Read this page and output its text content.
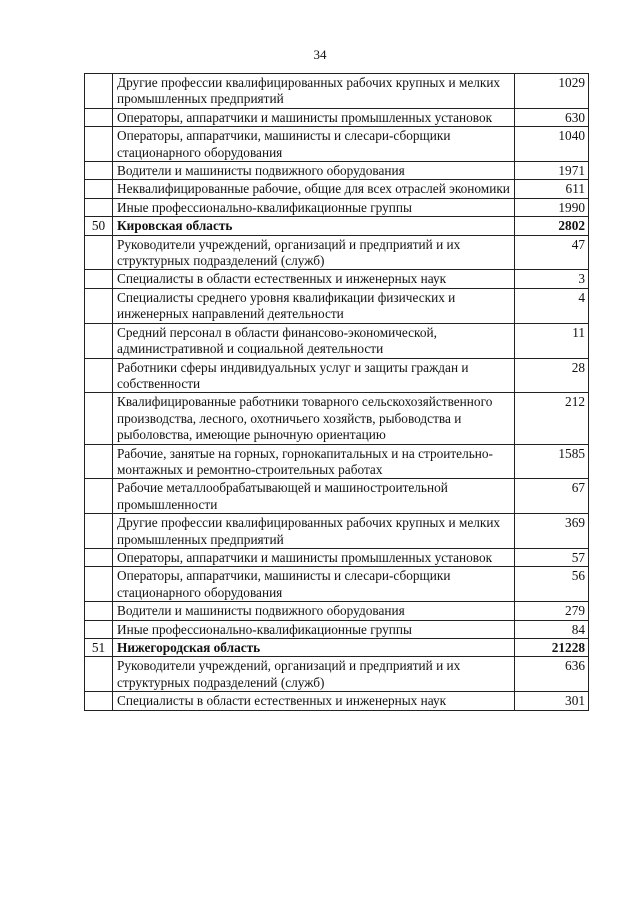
34
	Другие профессии квалифицированных рабочих крупных и мелких промышленных предприятий	1029
	Операторы, аппаратчики и машинисты промышленных установок	630
	Операторы, аппаратчики, машинисты и слесари-сборщики стационарного оборудования	1040
	Водители и машинисты подвижного оборудования	1971
	Неквалифицированные рабочие, общие для всех отраслей экономики	611
	Иные профессионально-квалификационные группы	1990
50	Кировская область	2802
	Руководители учреждений, организаций и предприятий и их структурных подразделений (служб)	47
	Специалисты в области естественных и инженерных наук	3
	Специалисты среднего уровня квалификации физических и инженерных направлений деятельности	4
	Средний персонал в области финансово-экономической, административной и социальной деятельности	11
	Работники сферы индивидуальных услуг и защиты граждан и собственности	28
	Квалифицированные работники товарного сельскохозяйственного производства, лесного, охотничьего хозяйств, рыбоводства и рыболовства, имеющие рыночную ориентацию	212
	Рабочие, занятые на горных, горнокапитальных и на строительно-монтажных и ремонтно-строительных работах	1585
	Рабочие металлообрабатывающей и машиностроительной промышленности	67
	Другие профессии квалифицированных рабочих крупных и мелких промышленных предприятий	369
	Операторы, аппаратчики и машинисты промышленных установок	57
	Операторы, аппаратчики, машинисты и слесари-сборщики стационарного оборудования	56
	Водители и машинисты подвижного оборудования	279
	Иные профессионально-квалификационные группы	84
51	Нижегородская область	21228
	Руководители учреждений, организаций и предприятий и их структурных подразделений (служб)	636
	Специалисты в области естественных и инженерных наук	301
